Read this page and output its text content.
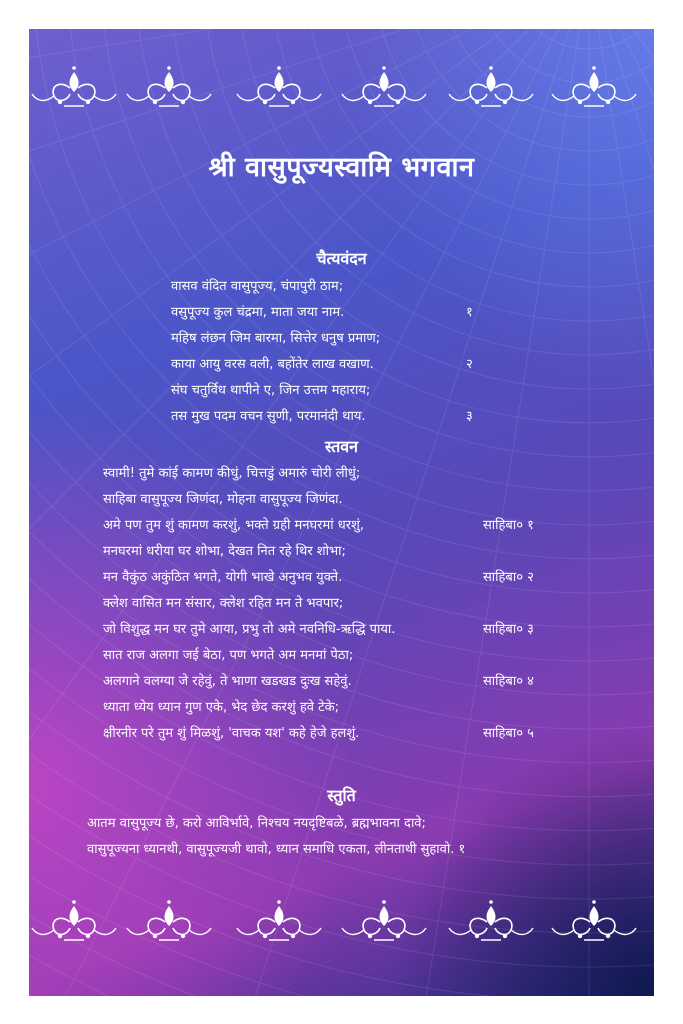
श्री वासुपूज्यस्वामि भगवान
चैत्यवंदन
वासव वंदित वासुपूज्य, चंपापुरी ठाम;
वसुपूज्य कुल चंद्रमा, माता जया नाम.	१
महिष लंछन जिम बारमा, सित्तेर धनुष प्रमाण;
काया आयु वरस वली, बहोंतेर लाख वखाण.	२
संघ चतुर्विध थापीने ए, जिन उत्तम महाराय;
तस मुख पदम वचन सुणी, परमानंदी थाय.	३
स्तवन
स्वामी! तुमे कांई कामण कीधुं, चित्तडुं अमारुं चोरी लीधुं;
साहिबा वासुपूज्य जिणंदा, मोहना वासुपूज्य जिणंदा.
अमे पण तुम शुं कामण करशुं, भक्ते ग्रही मनघरमां धरशुं,	साहिबा० १
मनघरमां धरीया घर शोभा, देखत नित रहे थिर शोभा;
मन वैकुंठ अकुंठित भगते, योगी भाखे अनुभव युक्ते.	साहिबा० २
क्लेश वासित मन संसार, क्लेश रहित मन ते भवपार;
जो विशुद्ध मन घर तुमे आया, प्रभु तो अमे नवनिधि-ऋद्धि पाया.	साहिबा० ३
सात राज अलगा जई बेठा, पण भगते अम मनमां पेठा;
अलगाने वलग्या जे रहेवुं, ते भाणा खडखड दुःख सहेवुं.	साहिबा० ४
ध्याता ध्येय ध्यान गुण एके, भेद छेद करशुं हवे टेके;
क्षीरनीर परे तुम शुं मिळशुं, 'वाचक यश' कहे हेजे हलशुं.	साहिबा० ५
स्तुति
आतम वासुपूज्य छे, करो आविर्भावे, निश्चय नयदृष्टिबळे, ब्रह्मभावना दावे;
वासुपूज्यना ध्यानथी, वासुपूज्यजी थावो, ध्यान समाधि एकता, लीनताथी सुहावो. १
